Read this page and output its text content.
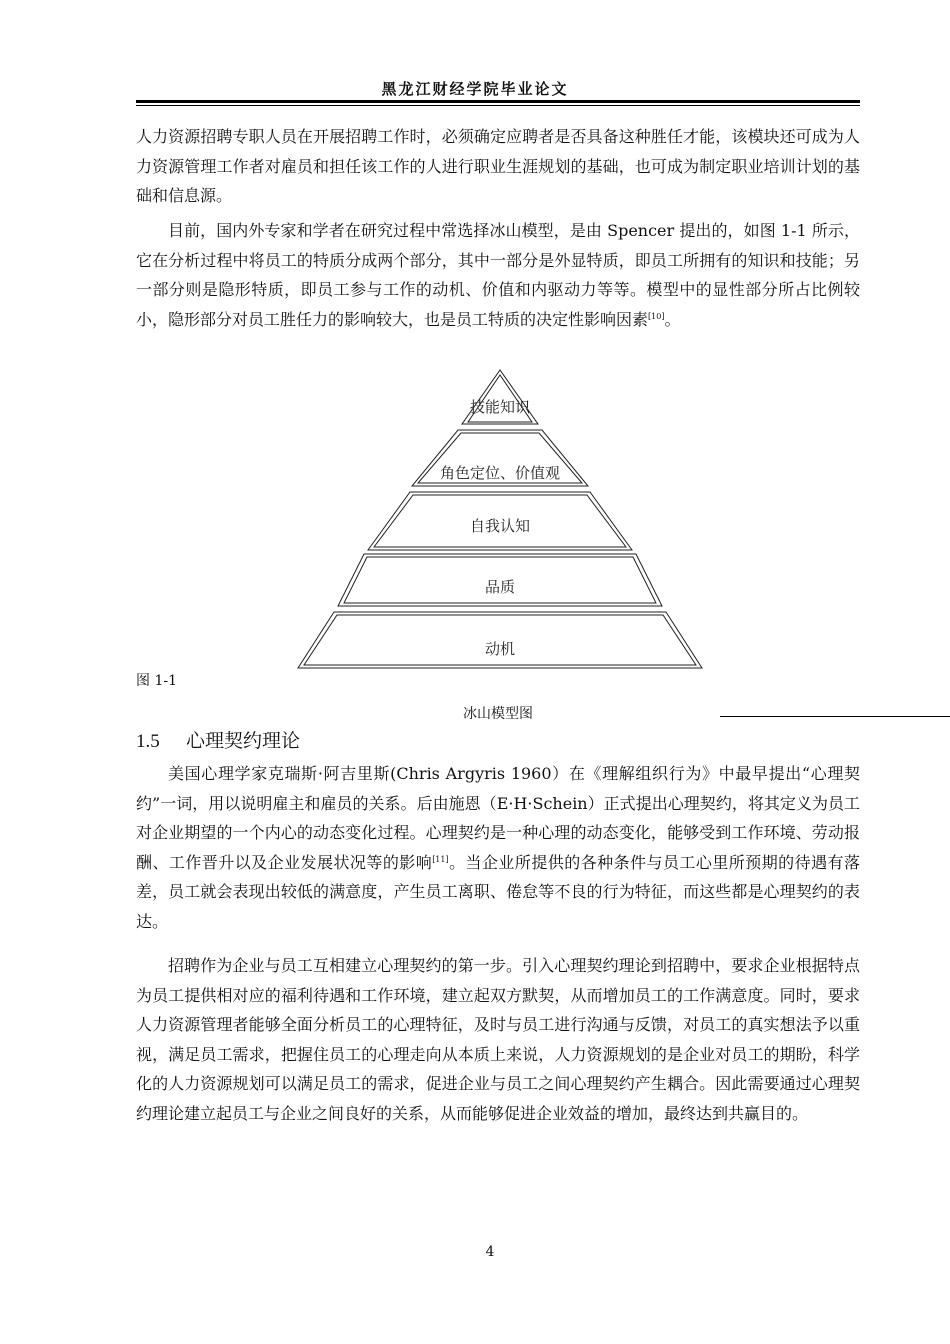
黑龙江财经学院毕业论文

人力资源招聘专职人员在开展招聘工作时，必须确定应聘者是否具备这种胜任才能，该模块还可成为人力资源管理工作者对雇员和担任该工作的人进行职业生涯规划的基础，也可成为制定职业培训计划的基础和信息源。

目前，国内外专家和学者在研究过程中常选择冰山模型，是由 Spencer 提出的，如图 1-1 所示，它在分析过程中将员工的特质分成两个部分，其中一部分是外显特质，即员工所拥有的知识和技能；另一部分则是隐形特质，即员工参与工作的动机、价值和内驱动力等等。模型中的显性部分所占比例较小，隐形部分对员工胜任力的影响较大，也是员工特质的决定性影响因素[10]。

技能知识
角色定位、价值观
自我认知
品质
动机
图 1-1
冰山模型图
1.5 心理契约理论

美国心理学家克瑞斯·阿吉里斯(Chris Argyris 1960）在《理解组织行为》中最早提出“心理契约”一词，用以说明雇主和雇员的关系。后由施恩（E·H·Schein）正式提出心理契约，将其定义为员工对企业期望的一个内心的动态变化过程。心理契约是一种心理的动态变化，能够受到工作环境、劳动报酬、工作晋升以及企业发展状况等的影响[11]。当企业所提供的各种条件与员工心里所预期的待遇有落差，员工就会表现出较低的满意度，产生员工离职、倦怠等不良的行为特征，而这些都是心理契约的表达。

招聘作为企业与员工互相建立心理契约的第一步。引入心理契约理论到招聘中，要求企业根据特点为员工提供相对应的福利待遇和工作环境，建立起双方默契，从而增加员工的工作满意度。同时，要求人力资源管理者能够全面分析员工的心理特征，及时与员工进行沟通与反馈，对员工的真实想法予以重视，满足员工需求，把握住员工的心理走向从本质上来说，人力资源规划的是企业对员工的期盼，科学化的人力资源规划可以满足员工的需求，促进企业与员工之间心理契约产生耦合。因此需要通过心理契约理论建立起员工与企业之间良好的关系，从而能够促进企业效益的增加，最终达到共赢目的。

4
